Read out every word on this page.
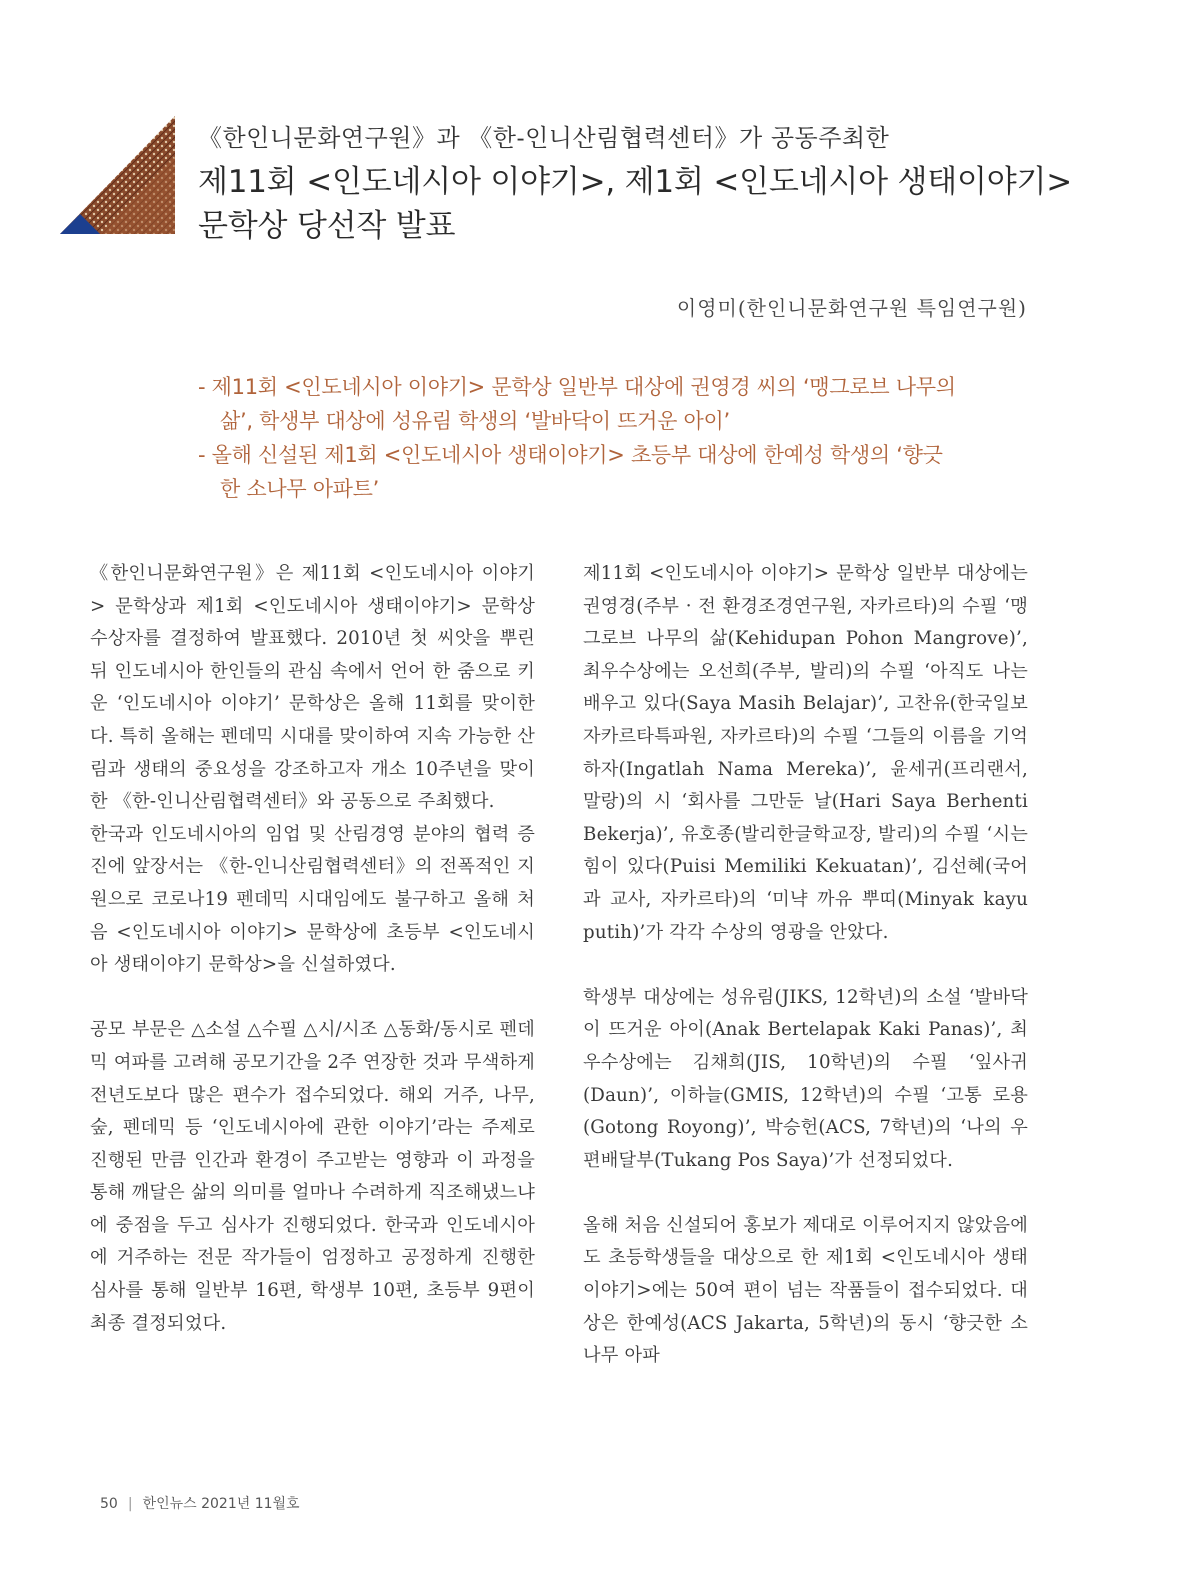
《한인니문화연구원》과 《한-인니산림협력센터》가 공동주최한
제11회 <인도네시아 이야기>, 제1회 <인도네시아 생태이야기>
문학상 당선작 발표
이영미(한인니문화연구원 특임연구원)
- 제11회 <인도네시아 이야기> 문학상 일반부 대상에 권영경 씨의 ‘맹그로브 나무의 삶’, 학생부 대상에 성유림 학생의 ‘발바닥이 뜨거운 아이’
- 올해 신설된 제1회 <인도네시아 생태이야기> 초등부 대상에 한예성 학생의 ‘향긋한 소나무 아파트’

《한인니문화연구원》은 제11회 <인도네시아 이야기> 문학상과 제1회 <인도네시아 생태이야기> 문학상 수상자를 결정하여 발표했다. 2010년 첫 씨앗을 뿌린 뒤 인도네시아 한인들의 관심 속에서 언어 한 줌으로 키운 ‘인도네시아 이야기’ 문학상은 올해 11회를 맞이한다. 특히 올해는 펜데믹 시대를 맞이하여 지속 가능한 산림과 생태의 중요성을 강조하고자 개소 10주년을 맞이한 《한-인니산림협력센터》와 공동으로 주최했다.

한국과 인도네시아의 임업 및 산림경영 분야의 협력 증진에 앞장서는 《한-인니산림협력센터》의 전폭적인 지원으로 코로나19 펜데믹 시대임에도 불구하고 올해 처음 <인도네시아 이야기> 문학상에 초등부 <인도네시아 생태이야기 문학상>을 신설하였다.

공모 부문은 △소설 △수필 △시/시조 △동화/동시로 펜데믹 여파를 고려해 공모기간을 2주 연장한 것과 무색하게 전년도보다 많은 편수가 접수되었다. 해외 거주, 나무, 숲, 펜데믹 등 ‘인도네시아에 관한 이야기’라는 주제로 진행된 만큼 인간과 환경이 주고받는 영향과 이 과정을 통해 깨달은 삶의 의미를 얼마나 수려하게 직조해냈느냐에 중점을 두고 심사가 진행되었다. 한국과 인도네시아에 거주하는 전문 작가들이 엄정하고 공정하게 진행한 심사를 통해 일반부 16편, 학생부 10편, 초등부 9편이 최종 결정되었다.

제11회 <인도네시아 이야기> 문학상 일반부 대상에는 권영경(주부 · 전 환경조경연구원, 자카르타)의 수필 ‘맹그로브 나무의 삶(Kehidupan Pohon Mangrove)’, 최우수상에는 오선희(주부, 발리)의 수필 ‘아직도 나는 배우고 있다(Saya Masih Belajar)’, 고찬유(한국일보자카르타특파원, 자카르타)의 수필 ‘그들의 이름을 기억하자(Ingatlah Nama Mereka)’, 윤세귀(프리랜서, 말랑)의 시 ‘회사를 그만둔 날(Hari Saya Berhenti Bekerja)’, 유호종(발리한글학교장, 발리)의 수필 ‘시는 힘이 있다(Puisi Memiliki Kekuatan)’, 김선혜(국어과 교사, 자카르타)의 ‘미냑 까유 뿌띠(Minyak kayu putih)’가 각각 수상의 영광을 안았다.

학생부 대상에는 성유림(JIKS, 12학년)의 소설 ‘발바닥이 뜨거운 아이(Anak Bertelapak Kaki Panas)’, 최우수상에는 김채희(JIS, 10학년)의 수필 ‘잎사귀(Daun)’, 이하늘(GMIS, 12학년)의 수필 ‘고통 로용(Gotong Royong)’, 박승헌(ACS, 7학년)의 ‘나의 우편배달부(Tukang Pos Saya)’가 선정되었다.

올해 처음 신설되어 홍보가 제대로 이루어지지 않았음에도 초등학생들을 대상으로 한 제1회 <인도네시아 생태이야기>에는 50여 편이 넘는 작품들이 접수되었다. 대상은 한예성(ACS Jakarta, 5학년)의 동시 ‘향긋한 소나무 아파

50 | 한인뉴스 2021년 11월호
